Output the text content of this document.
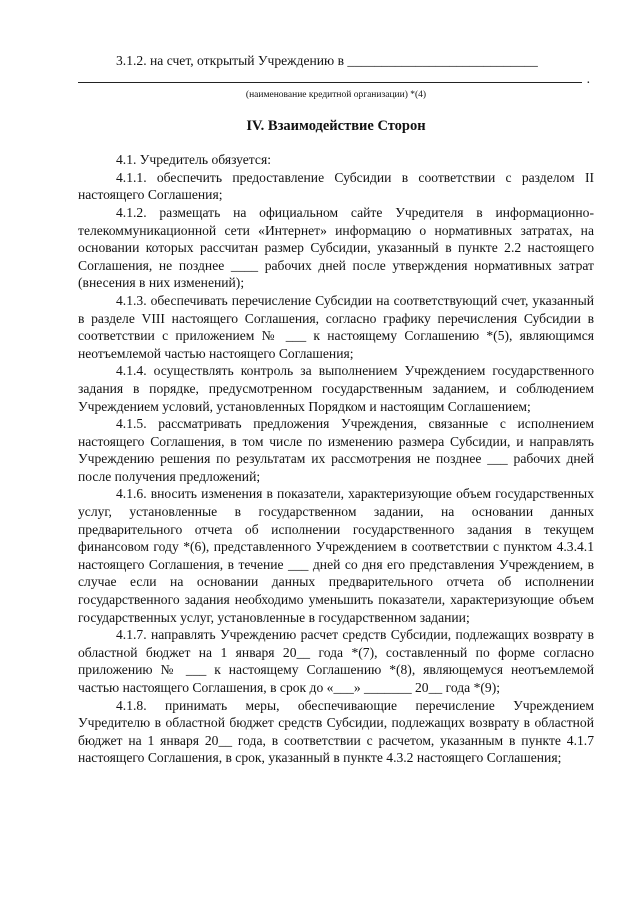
3.1.2. на счет, открытый Учреждению в ____________________________

.
(наименование кредитной организации) *(4)
IV. Взаимодействие Сторон

4.1. Учредитель обязуется:

4.1.1. обеспечить предоставление Субсидии в соответствии с разделом II настоящего Соглашения;

4.1.2. размещать на официальном сайте Учредителя в информационно-телекоммуникационной сети «Интернет» информацию о нормативных затратах, на основании которых рассчитан размер Субсидии, указанный в пункте 2.2 настоящего Соглашения, не позднее ____ рабочих дней после утверждения нормативных затрат (внесения в них изменений);

4.1.3. обеспечивать перечисление Субсидии на соответствующий счет, указанный в разделе VIII настоящего Соглашения, согласно графику перечисления Субсидии в соответствии с приложением № ___ к настоящему Соглашению *(5), являющимся неотъемлемой частью настоящего Соглашения;

4.1.4. осуществлять контроль за выполнением Учреждением государственного задания в порядке, предусмотренном государственным заданием, и соблюдением Учреждением условий, установленных Порядком и настоящим Соглашением;

4.1.5. рассматривать предложения Учреждения, связанные с исполнением настоящего Соглашения, в том числе по изменению размера Субсидии, и направлять Учреждению решения по результатам их рассмотрения не позднее ___ рабочих дней после получения предложений;

4.1.6. вносить изменения в показатели, характеризующие объем государственных услуг, установленные в государственном задании, на основании данных предварительного отчета об исполнении государственного задания в текущем финансовом году *(6), представленного Учреждением в соответствии с пунктом 4.3.4.1 настоящего Соглашения, в течение ___ дней со дня его представления Учреждением, в случае если на основании данных предварительного отчета об исполнении государственного задания необходимо уменьшить показатели, характеризующие объем государственных услуг, установленные в государственном задании;

4.1.7. направлять Учреждению расчет средств Субсидии, подлежащих возврату в областной бюджет на 1 января 20__ года *(7), составленный по форме согласно приложению № ___ к настоящему Соглашению *(8), являющемуся неотъемлемой частью настоящего Соглашения, в срок до «___» _______ 20__ года *(9);

4.1.8. принимать меры, обеспечивающие перечисление Учреждением Учредителю в областной бюджет средств Субсидии, подлежащих возврату в областной бюджет на 1 января 20__ года, в соответствии с расчетом, указанным в пункте 4.1.7 настоящего Соглашения, в срок, указанный в пункте 4.3.2 настоящего Соглашения;
